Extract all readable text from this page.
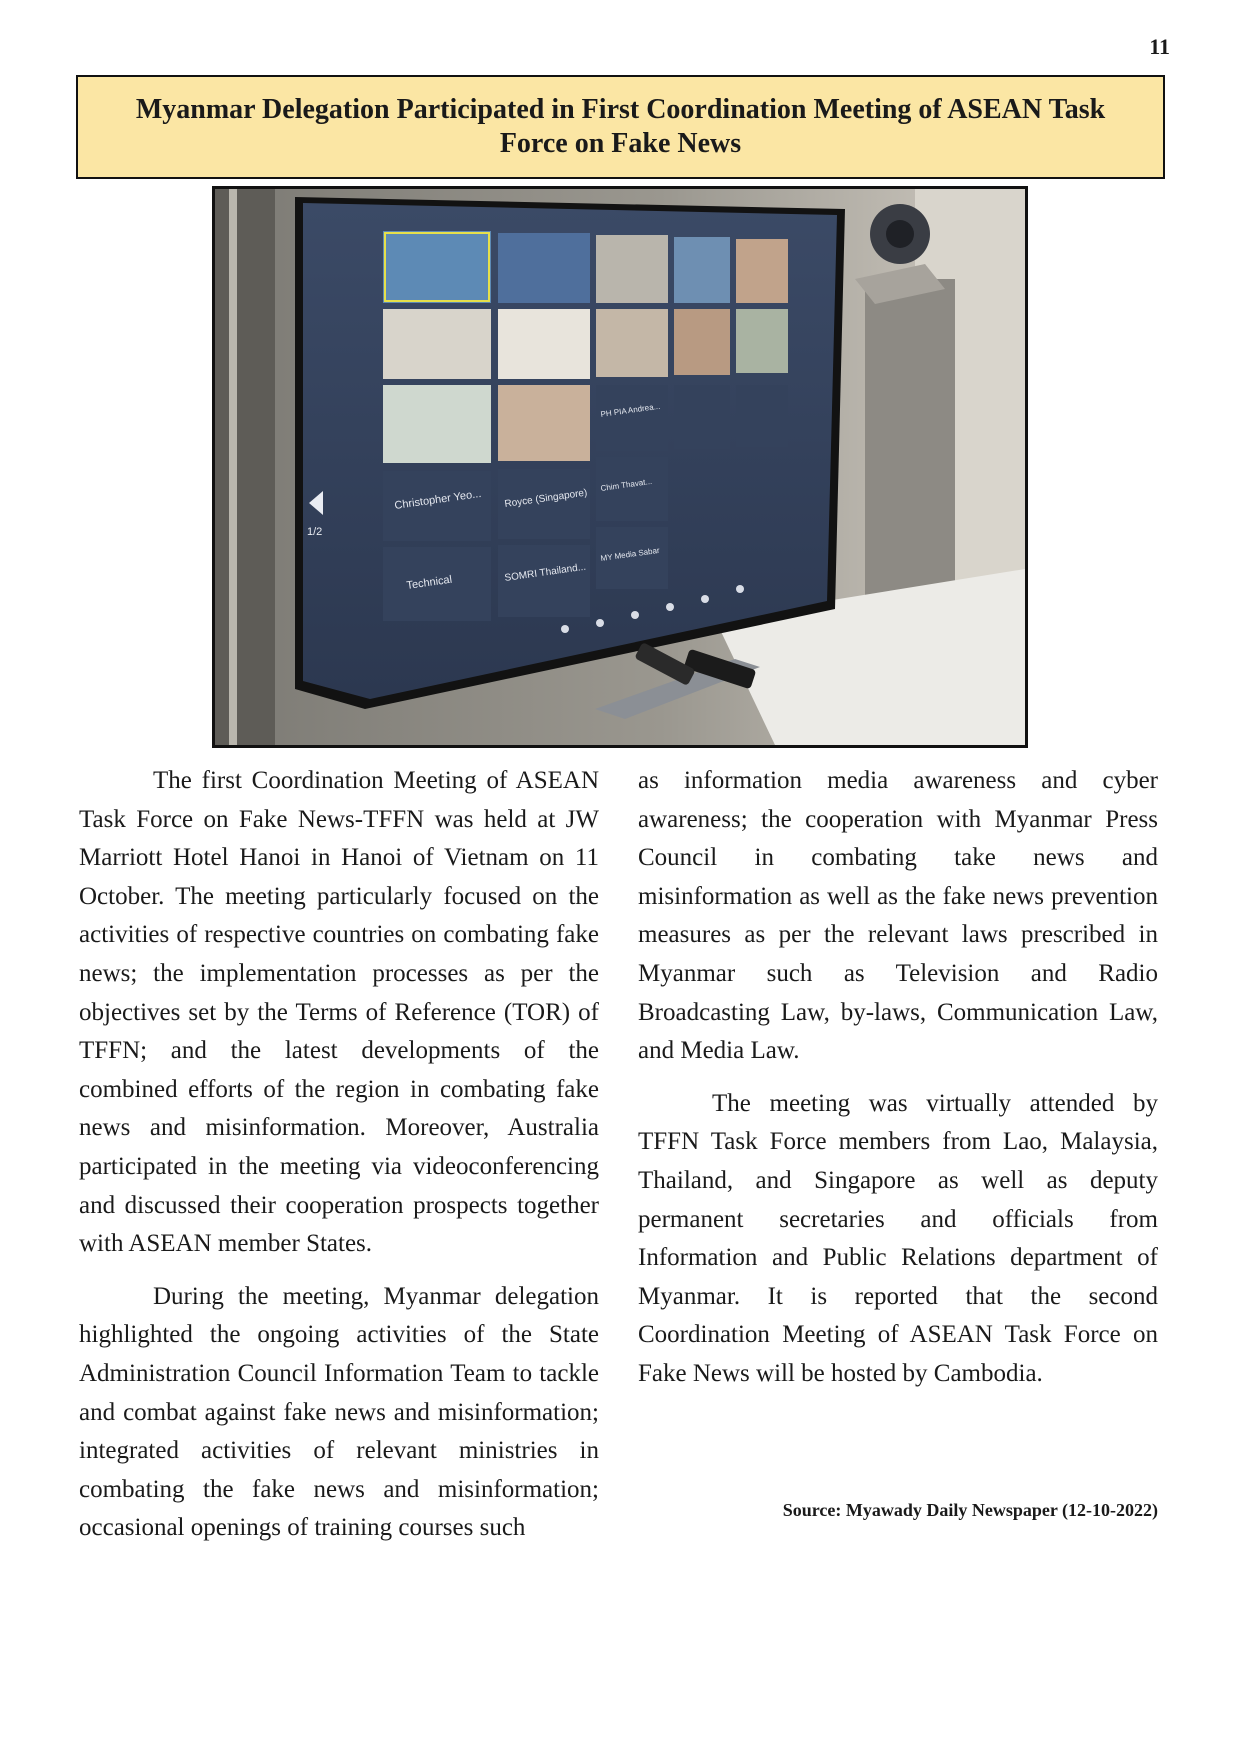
11
Myanmar Delegation Participated in First Coordination Meeting of ASEAN Task Force on Fake News
Christopher Yeo...
Technical
Royce (Singapore)
SOMRI Thailand...
PH PIA Andrea...
Chim Thavat...
MY Media Sabar
1/2

The first Coordination Meeting of ASEAN Task Force on Fake News-TFFN was held at JW Marriott Hotel Hanoi in Hanoi of Vietnam on 11 October. The meeting particularly focused on the activities of respective countries on combating fake news; the implementation processes as per the objectives set by the Terms of Reference (TOR) of TFFN; and the latest developments of the combined efforts of the region in combating fake news and misinformation. Moreover, Australia participated in the meeting via videoconferencing and discussed their cooperation prospects together with ASEAN member States.

During the meeting, Myanmar delegation highlighted the ongoing activities of the State Administration Council Information Team to tackle and combat against fake news and misinformation; integrated activities of relevant ministries in combating the fake news and misinformation; occasional openings of training courses such

as information media awareness and cyber awareness; the cooperation with Myanmar Press Council in combating take news and misinformation as well as the fake news prevention measures as per the relevant laws prescribed in Myanmar such as Television and Radio Broadcasting Law, by-laws, Communication Law, and Media Law.

The meeting was virtually attended by TFFN Task Force members from Lao, Malaysia, Thailand, and Singapore as well as deputy permanent secretaries and officials from Information and Public Relations department of Myanmar. It is reported that the second Coordination Meeting of ASEAN Task Force on Fake News will be hosted by Cambodia.

Source: Myawady Daily Newspaper (12-10-2022)
